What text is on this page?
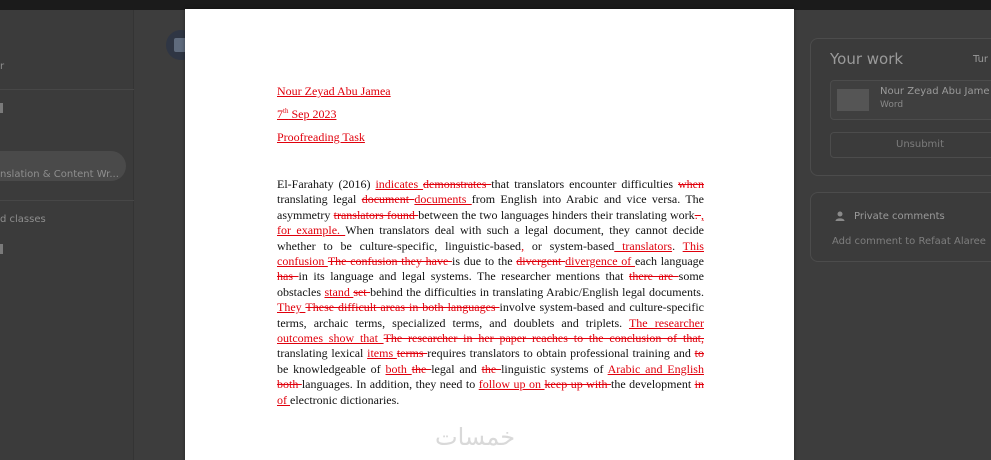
r
nslation & Content Wr...
d classes
Nour Zeyad Abu Jamea
7th Sep 2023
Proofreading Task

El-Farahaty (2016) indicates demonstrates that translators encounter difficulties when translating legal document documents from English into Arabic and vice versa. The asymmetry translators found between the two languages hinders their translating work. , for example. When translators deal with such a legal document, they cannot decide whether to be culture-specific, linguistic-based, or system-based translators. This confusion The confusion they have is due to the divergent divergence of each language has in its language and legal systems. The researcher mentions that there are some obstacles stand set behind the difficulties in translating Arabic/English legal documents. They These difficult areas in both languages involve system-based and culture-specific terms, archaic terms, specialized terms, and doublets and triplets. The researcher outcomes show that The researcher in her paper reaches to the conclusion of that, translating lexical items terms requires translators to obtain professional training and to be knowledgeable of both the legal and the linguistic systems of Arabic and English both languages. In addition, they need to follow up on keep up with the development in of electronic dictionaries.

خمسات
Your work	Tur
Nour Zeyad Abu Jame
Word
Unsubmit
Private comments
Add comment to Refaat Alaree
